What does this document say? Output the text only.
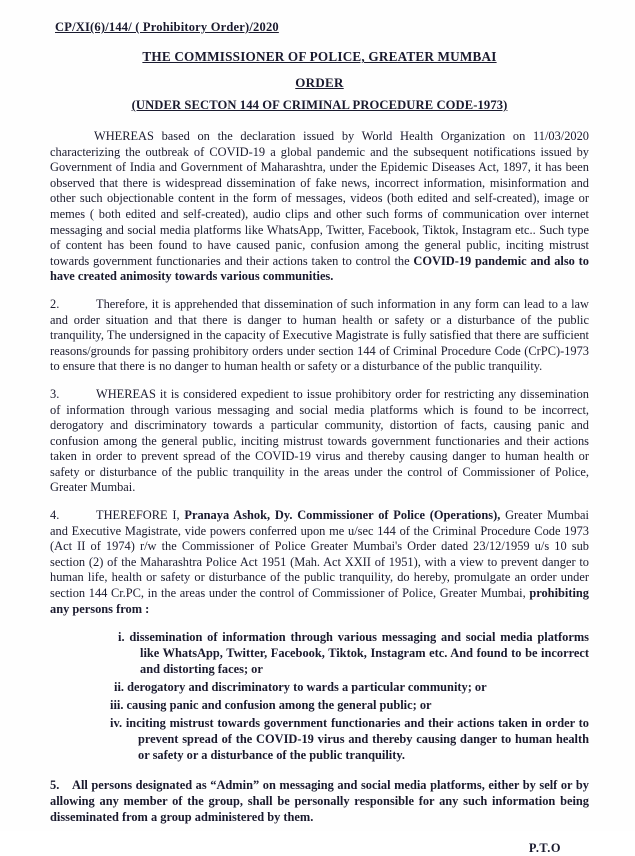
CP/XI(6)/144/ ( Prohibitory Order)/2020
THE COMMISSIONER OF POLICE, GREATER MUMBAI
ORDER
(UNDER SECTON 144 OF CRIMINAL PROCEDURE CODE-1973)
WHEREAS based on the declaration issued by World Health Organization on 11/03/2020 characterizing the outbreak of COVID-19 a global pandemic and the subsequent notifications issued by Government of India and Government of Maharashtra, under the Epidemic Diseases Act, 1897, it has been observed that there is widespread dissemination of fake news, incorrect information, misinformation and other such objectionable content in the form of messages, videos (both edited and self-created), image or memes ( both edited and self-created), audio clips and other such forms of communication over internet messaging and social media platforms like WhatsApp, Twitter, Facebook, Tiktok, Instagram etc.. Such type of content has been found to have caused panic, confusion among the general public, inciting mistrust towards government functionaries and their actions taken to control the COVID-19 pandemic and also to have created animosity towards various communities.
2.	Therefore, it is apprehended that dissemination of such information in any form can lead to a law and order situation and that there is danger to human health or safety or a disturbance of the public tranquility, The undersigned in the capacity of Executive Magistrate is fully satisfied that there are sufficient reasons/grounds for passing prohibitory orders under section 144 of Criminal Procedure Code (CrPC)-1973 to ensure that there is no danger to human health or safety or a disturbance of the public tranquility.
3.	WHEREAS it is considered expedient to issue prohibitory order for restricting any dissemination of information through various messaging and social media platforms which is found to be incorrect, derogatory and discriminatory towards a particular community, distortion of facts, causing panic and confusion among the general public, inciting mistrust towards government functionaries and their actions taken in order to prevent spread of the COVID-19 virus and thereby causing danger to human health or safety or disturbance of the public tranquility in the areas under the control of Commissioner of Police, Greater Mumbai.
4.	THEREFORE I, Pranaya Ashok, Dy. Commissioner of Police (Operations), Greater Mumbai and Executive Magistrate, vide powers conferred upon me u/sec 144 of the Criminal Procedure Code 1973 (Act II of 1974) r/w the Commissioner of Police Greater Mumbai's Order dated 23/12/1959 u/s 10 sub section (2) of the Maharashtra Police Act 1951 (Mah. Act XXII of 1951), with a view to prevent danger to human life, health or safety or disturbance of the public tranquility, do hereby, promulgate an order under section 144 Cr.PC, in the areas under the control of Commissioner of Police, Greater Mumbai, prohibiting any persons from :
i. dissemination of information through various messaging and social media platforms like WhatsApp, Twitter, Facebook, Tiktok, Instagram etc. And found to be incorrect and distorting faces; or
ii. derogatory and discriminatory to wards a particular community; or
iii. causing panic and confusion among the general public; or
iv. inciting mistrust towards government functionaries and their actions taken in order to prevent spread of the COVID-19 virus and thereby causing danger to human health or safety or a disturbance of the public tranquility.
5. All persons designated as “Admin” on messaging and social media platforms, either by self or by allowing any member of the group, shall be personally responsible for any such information being disseminated from a group administered by them.
P.T.O
